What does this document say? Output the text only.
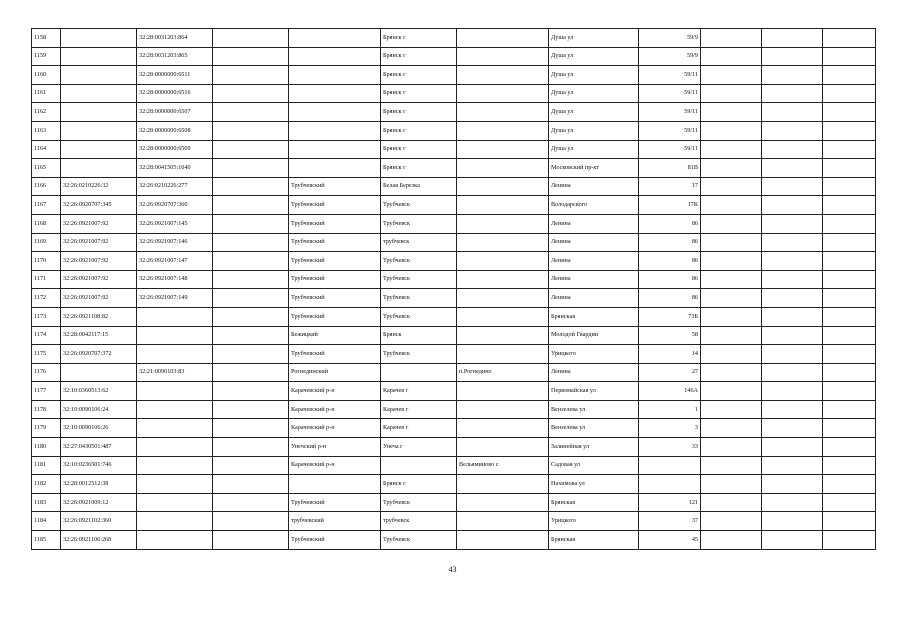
1158		32:28:0031203:864			Брянск г		Душа ул	59/9			
1159		32:28:0031203:865			Брянск г		Душа ул	59/9			
1160		32:28:0000000:6511			Брянск г		Душа ул	59/11			
1161		32:28:0000000:6516			Брянск г		Душа ул	59/11			
1162		32:28:0000000:6507			Брянск г		Душа ул	59/11			
1163		32:28:0000000:6508			Брянск г		Душа ул	59/11			
1164		32:28:0000000:6509			Брянск г		Душа ул	59/11			
1165		32:28:0041505:1040			Брянск г		Московский пр-кт	81В			
1166	32:26:0210226:32	32:26:0210226:277		Трубчевский	Белая Березка		Ленина	17			
1167	32:26:0920707:345	32:26:0920707:360		Трубчевский	Трубчевск		Володарского	17К			
1168	32:26:0921007:92	32:26:0921007:145		Трубчевский	Трубчевск		Ленина	86			
1169	32:26:0921007:92	32:26:0921007:146		Трубчевский	трубчевск		Ленина	86			
1170	32:26:0921007:92	32:26:0921007:147		Трубчевский	Трубчевск		Ленина	86			
1171	32:26:0921007:92	32:26:0921007:148		Трубчевский	Трубчевск		Ленина	86			
1172	32:26:0921007:92	32:26:0921007:149		Трубчевский	Трубчевск		Ленина	86			
1173	32:26:0921108:82			Трубчевский	Трубчевск		Брянская	73Б			
1174	32:28:0042117:15			Бежицкий	Брянск		Молодой Гвардии	58			
1175	32:26:0920707:372			Трубчевский	Трубчевск		Урицкого	14			
1176		32:21:0090103:83		Рогнединский		п.Рогнедино	Ленина	27			
1177	32:10:0360513:62			Карачевский р-н	Карачев г		Первомайская ул	146А			
1178	32:10:0090106:24			Карачевский р-н	Карачев г		Вензелева ул	1			
1179	32:10:0090106:26			Карачевский р-н	Карачев г		Вензелева ул	3			
1180	32:27:0430501:487			Унечский р-н	Унеча г		Залинейная ул	33			
1181	32:10:0236501:746			Карачевский р-н		Вельяминово с	Садовая ул				
1182	32:28:0012512:38				Брянск г		Нахимова ул				
1183	32:26:0921009:12			Трубчевский	Трубчевск		Брянская	121			
1184	32:26:0921102:360			трубчевский	трубчевск		Урицкого	37			
1185	32:26:0921106:268			Трубчевский	Трубчевск		Брянская	45			
43
